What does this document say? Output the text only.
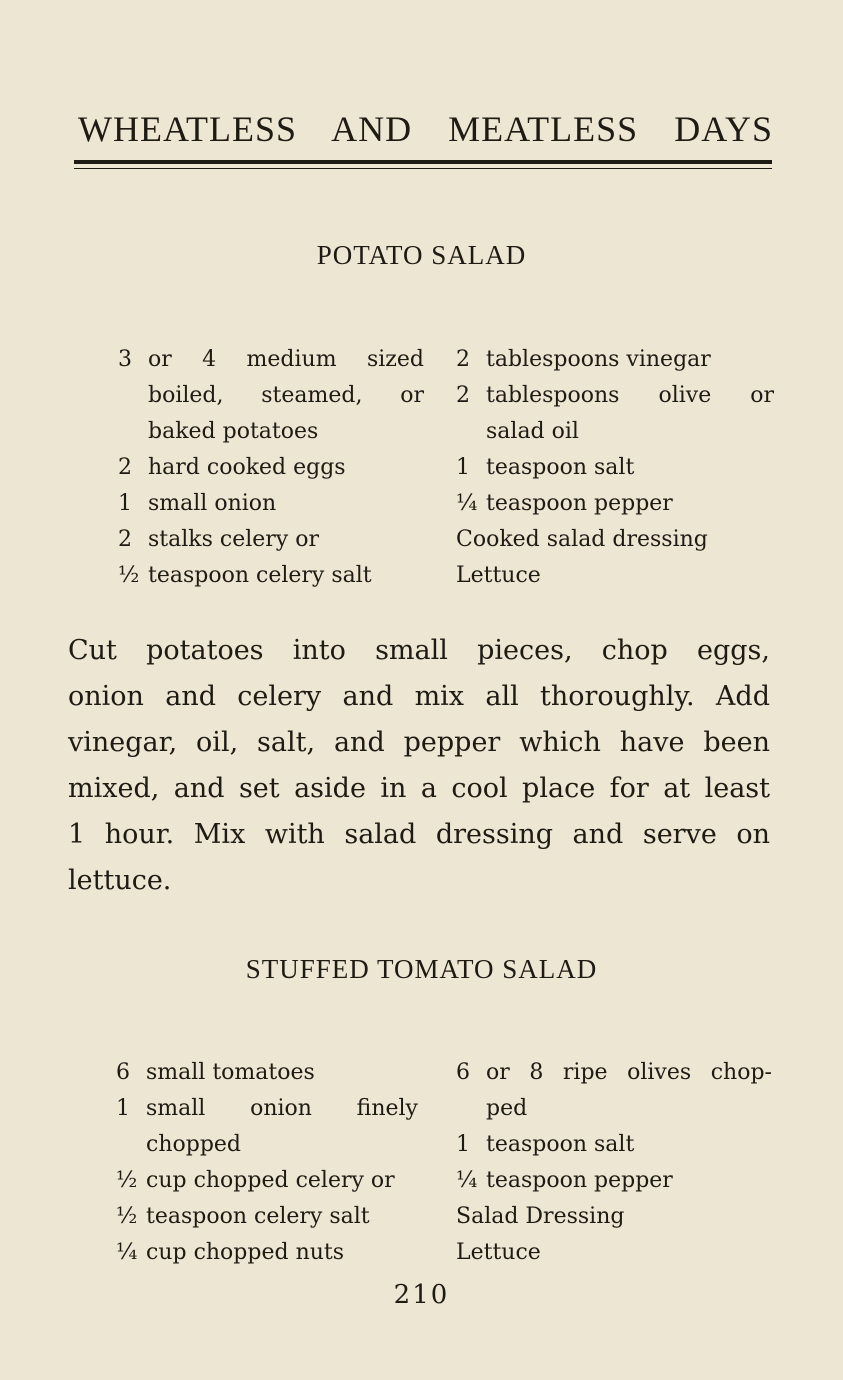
WHEATLESS AND MEATLESS DAYS
POTATO SALAD
3 or 4 medium sized
boiled, steamed, or
baked potatoes
2 hard cooked eggs
1 small onion
2 stalks celery or
½ teaspoon celery salt
2 tablespoons vinegar
2 tablespoons olive or
salad oil
1 teaspoon salt
¼ teaspoon pepper
Cooked salad dressing
Lettuce
Cut potatoes into small pieces, chop eggs,
onion and celery and mix all thoroughly. Add
vinegar, oil, salt, and pepper which have been
mixed, and set aside in a cool place for at least
1 hour. Mix with salad dressing and serve on
lettuce.
STUFFED TOMATO SALAD
6 small tomatoes
1 small onion finely
chopped
½ cup chopped celery or
½ teaspoon celery salt
¼ cup chopped nuts
6 or 8 ripe olives chop-
ped
1 teaspoon salt
¼ teaspoon pepper
Salad Dressing
Lettuce
210
